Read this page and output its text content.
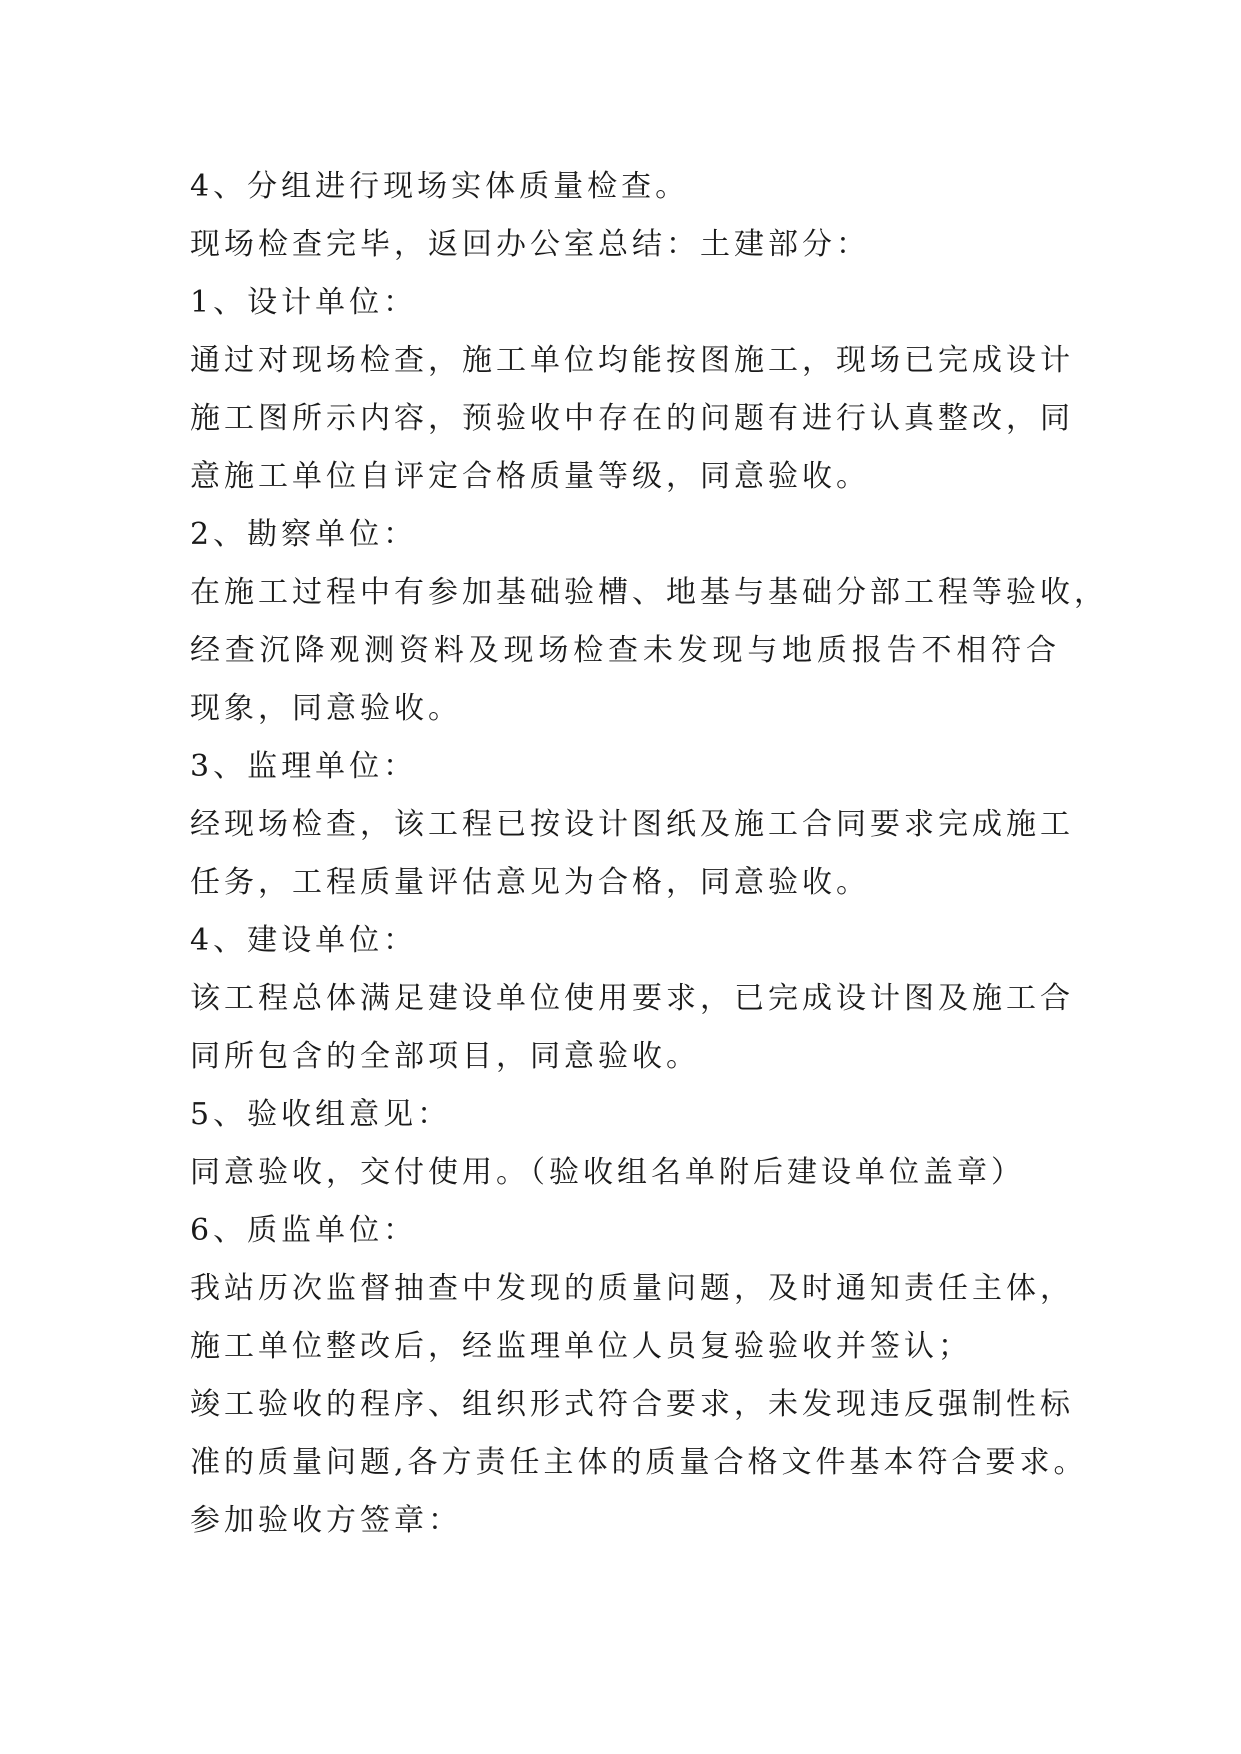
4、分组进行现场实体质量检查。
现场检查完毕，返回办公室总结：土建部分：
1、设计单位：
通过对现场检查，施工单位均能按图施工，现场已完成设计
施工图所示内容，预验收中存在的问题有进行认真整改，同
意施工单位自评定合格质量等级，同意验收。
2、勘察单位：
在施工过程中有参加基础验槽、地基与基础分部工程等验收，
经查沉降观测资料及现场检查未发现与地质报告不相符合
现象，同意验收。
3、监理单位：
经现场检查，该工程已按设计图纸及施工合同要求完成施工
任务，工程质量评估意见为合格，同意验收。
4、建设单位：
该工程总体满足建设单位使用要求，已完成设计图及施工合
同所包含的全部项目，同意验收。
5、验收组意见：
同意验收，交付使用。（验收组名单附后建设单位盖章）
6、质监单位：
我站历次监督抽查中发现的质量问题，及时通知责任主体，
施工单位整改后，经监理单位人员复验验收并签认；
竣工验收的程序、组织形式符合要求，未发现违反强制性标
准的质量问题,各方责任主体的质量合格文件基本符合要求。
参加验收方签章：
